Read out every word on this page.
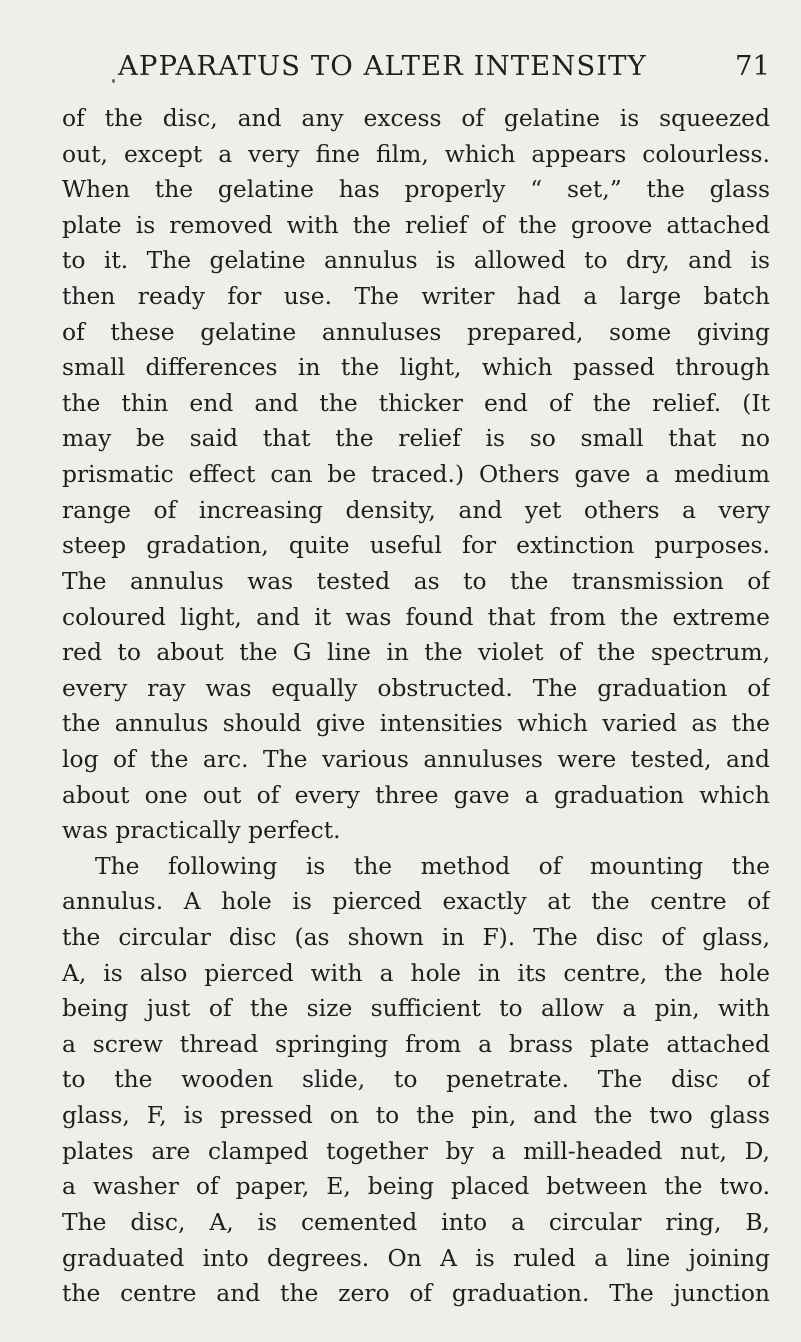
APPARATUS TO ALTER INTENSITY	71
of the disc, and any excess of gelatine is squeezed
out, except a very fine film, which appears colourless.
When the gelatine has properly “ set,” the glass
plate is removed with the relief of the groove attached
to it. The gelatine annulus is allowed to dry, and is
then ready for use. The writer had a large batch
of these gelatine annuluses prepared, some giving
small differences in the light, which passed through
the thin end and the thicker end of the relief. (It
may be said that the relief is so small that no
prismatic effect can be traced.) Others gave a medium
range of increasing density, and yet others a very
steep gradation, quite useful for extinction purposes.
The annulus was tested as to the transmission of
coloured light, and it was found that from the extreme
red to about the G line in the violet of the spectrum,
every ray was equally obstructed. The graduation of
the annulus should give intensities which varied as the
log of the arc. The various annuluses were tested, and
about one out of every three gave a graduation which
was practically perfect.
The following is the method of mounting the
annulus. A hole is pierced exactly at the centre of
the circular disc (as shown in F). The disc of glass,
A, is also pierced with a hole in its centre, the hole
being just of the size sufficient to allow a pin, with
a screw thread springing from a brass plate attached
to the wooden slide, to penetrate. The disc of
glass, F, is pressed on to the pin, and the two glass
plates are clamped together by a mill-headed nut, D,
a washer of paper, E, being placed between the two.
The disc, A, is cemented into a circular ring, B,
graduated into degrees. On A is ruled a line joining
the centre and the zero of graduation. The junction
